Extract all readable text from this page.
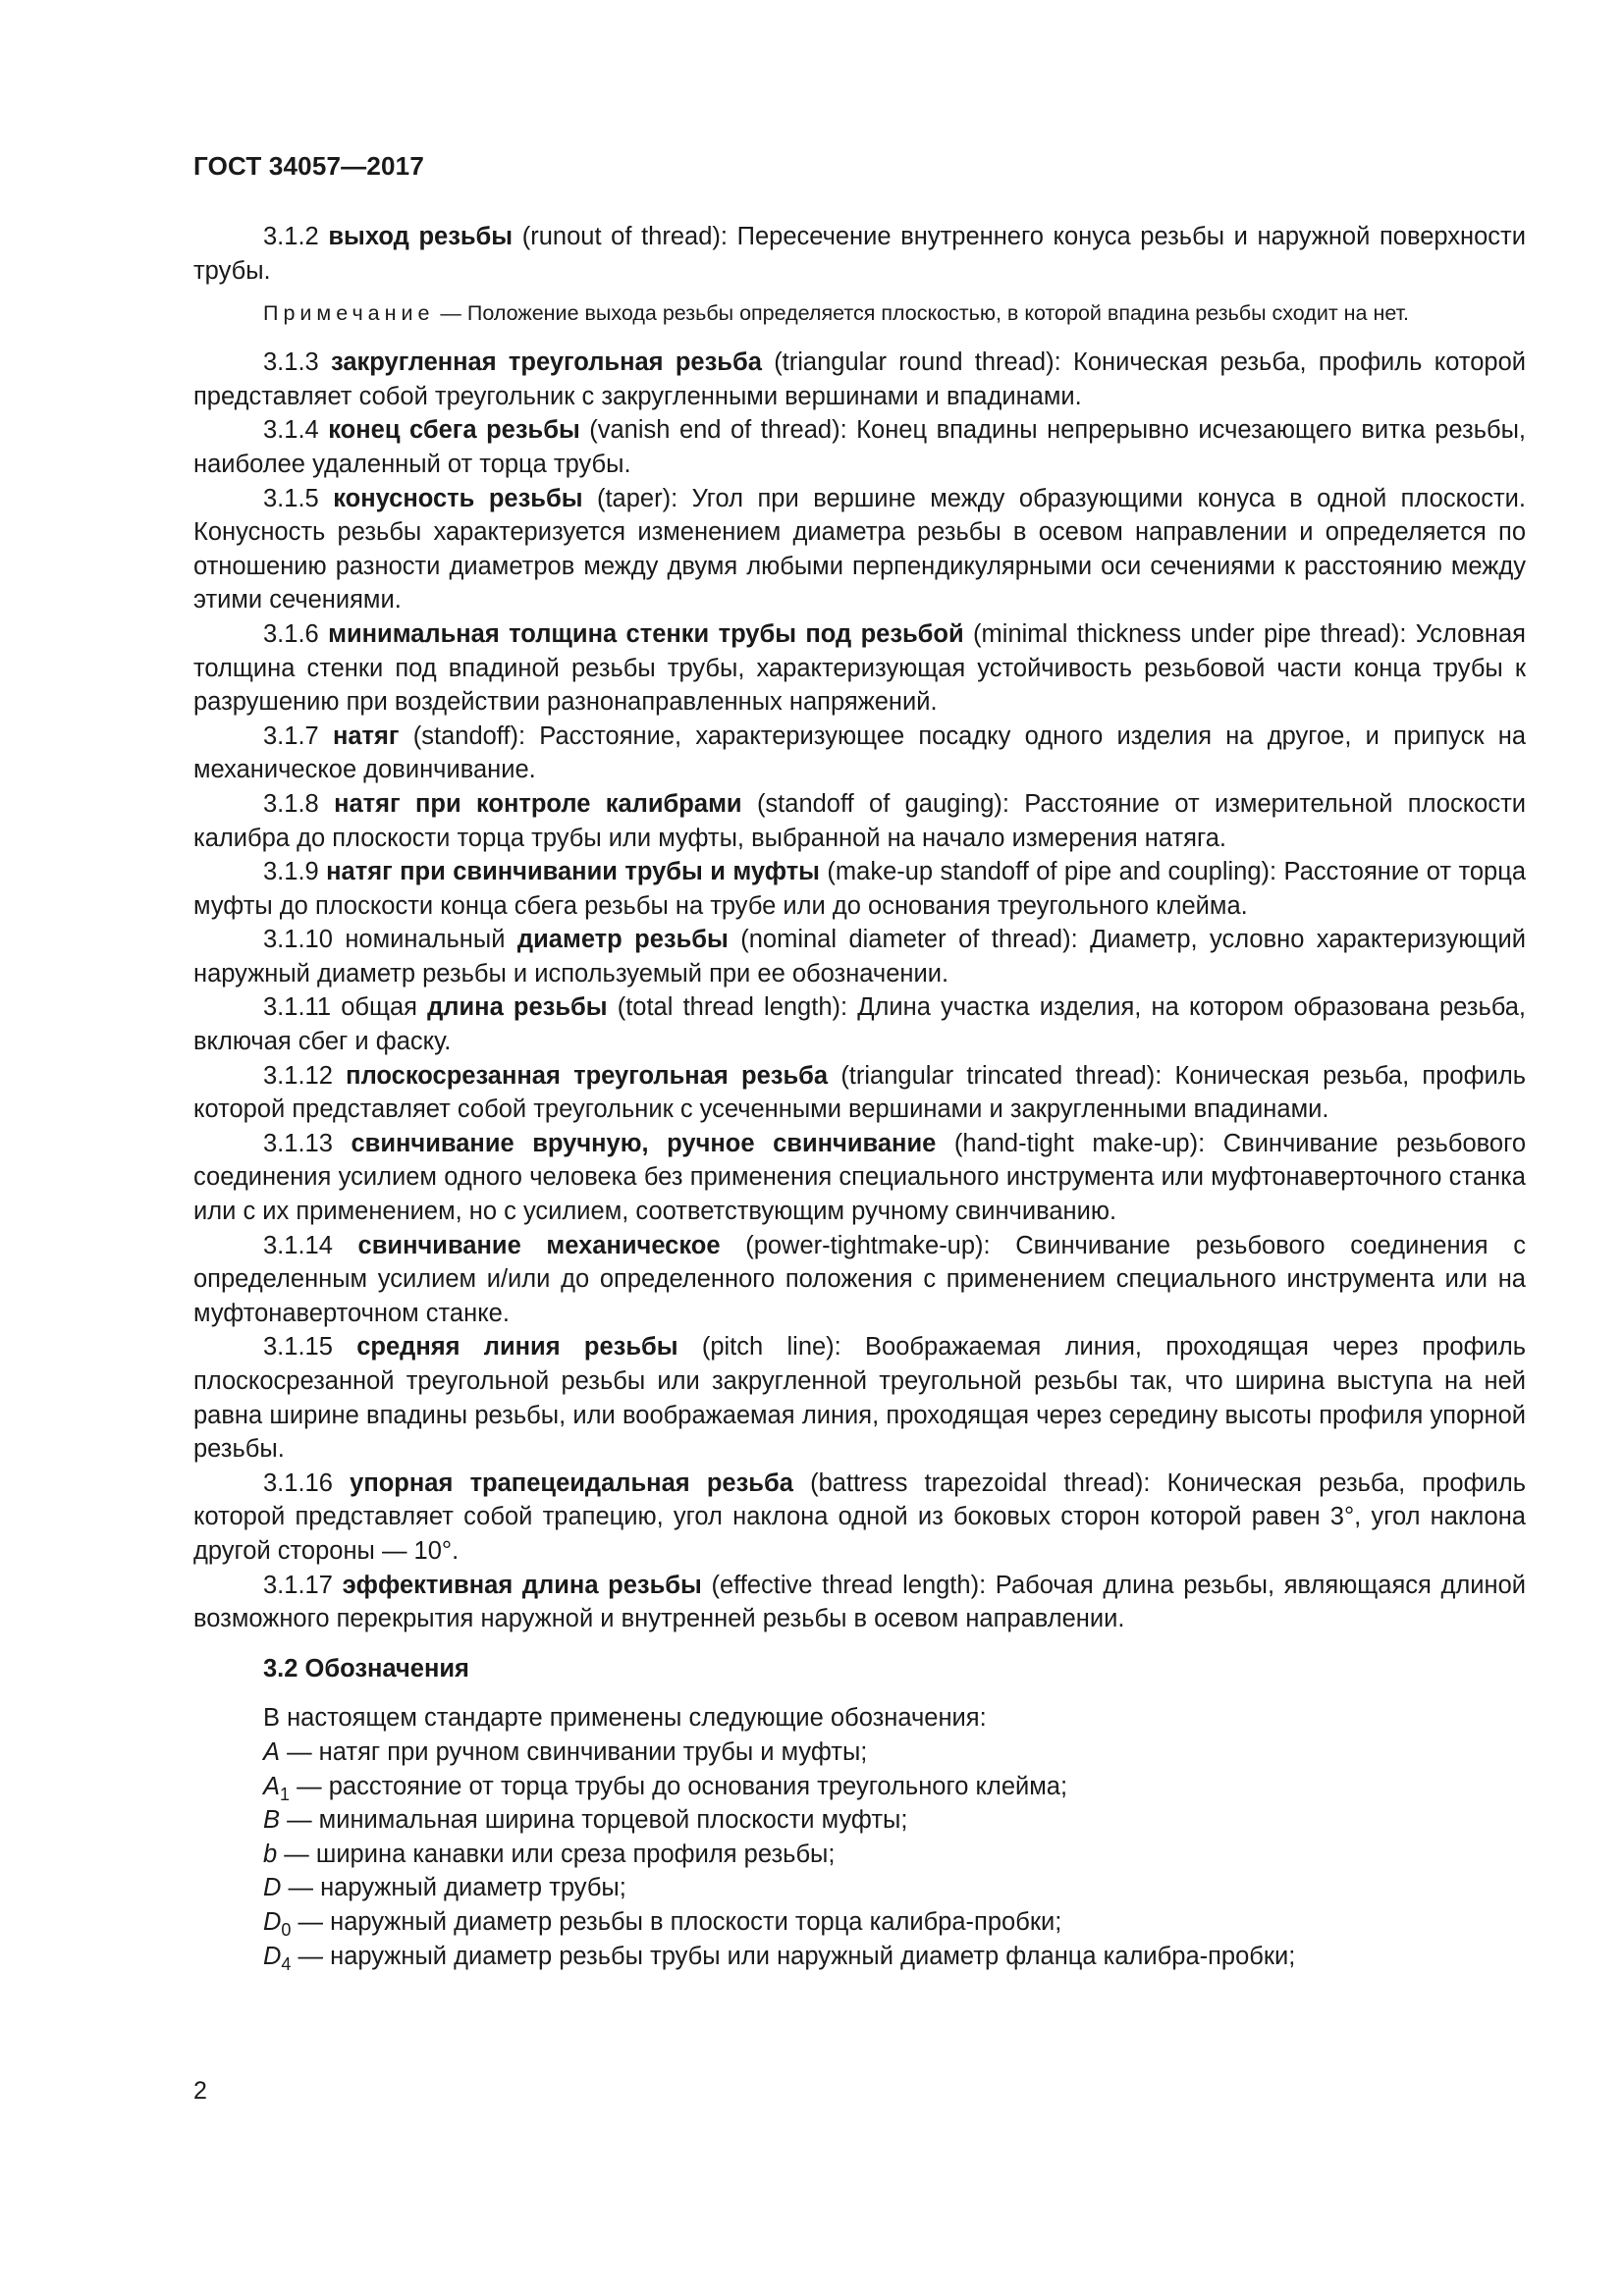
ГОСТ 34057—2017

3.1.2 выход резьбы (runout of thread): Пересечение внутреннего конуса резьбы и наружной поверхности трубы.

Примечание — Положение выхода резьбы определяется плоскостью, в которой впадина резьбы сходит на нет.

3.1.3 закругленная треугольная резьба (triangular round thread): Коническая резьба, профиль которой представляет собой треугольник с закругленными вершинами и впадинами.

3.1.4 конец сбега резьбы (vanish end of thread): Конец впадины непрерывно исчезающего витка резьбы, наиболее удаленный от торца трубы.

3.1.5 конусность резьбы (taper): Угол при вершине между образующими конуса в одной плоскости. Конусность резьбы характеризуется изменением диаметра резьбы в осевом направлении и определяется по отношению разности диаметров между двумя любыми перпендикулярными оси сечениями к расстоянию между этими сечениями.

3.1.6 минимальная толщина стенки трубы под резьбой (minimal thickness under pipe thread): Условная толщина стенки под впадиной резьбы трубы, характеризующая устойчивость резьбовой части конца трубы к разрушению при воздействии разнонаправленных напряжений.

3.1.7 натяг (standoff): Расстояние, характеризующее посадку одного изделия на другое, и припуск на механическое довинчивание.

3.1.8 натяг при контроле калибрами (standoff of gauging): Расстояние от измерительной плоскости калибра до плоскости торца трубы или муфты, выбранной на начало измерения натяга.

3.1.9 натяг при свинчивании трубы и муфты (make-up standoff of pipe and coupling): Расстояние от торца муфты до плоскости конца сбега резьбы на трубе или до основания треугольного клейма.

3.1.10 номинальный диаметр резьбы (nominal diameter of thread): Диаметр, условно характеризующий наружный диаметр резьбы и используемый при ее обозначении.

3.1.11 общая длина резьбы (total thread length): Длина участка изделия, на котором образована резьба, включая сбег и фаску.

3.1.12 плоскосрезанная треугольная резьба (triangular trincated thread): Коническая резьба, профиль которой представляет собой треугольник с усеченными вершинами и закругленными впадинами.

3.1.13 свинчивание вручную, ручное свинчивание (hand-tight make-up): Свинчивание резьбового соединения усилием одного человека без применения специального инструмента или муфтонаверточного станка или с их применением, но с усилием, соответствующим ручному свинчиванию.

3.1.14 свинчивание механическое (power-tightmake-up): Свинчивание резьбового соединения с определенным усилием и/или до определенного положения с применением специального инструмента или на муфтонаверточном станке.

3.1.15 средняя линия резьбы (pitch line): Воображаемая линия, проходящая через профиль плоскосрезанной треугольной резьбы или закругленной треугольной резьбы так, что ширина выступа на ней равна ширине впадины резьбы, или воображаемая линия, проходящая через середину высоты профиля упорной резьбы.

3.1.16 упорная трапецеидальная резьба (battress trapezoidal thread): Коническая резьба, профиль которой представляет собой трапецию, угол наклона одной из боковых сторон которой равен 3°, угол наклона другой стороны — 10°.

3.1.17 эффективная длина резьбы (effective thread length): Рабочая длина резьбы, являющаяся длиной возможного перекрытия наружной и внутренней резьбы в осевом направлении.

3.2 Обозначения

В настоящем стандарте применены следующие обозначения:

A — натяг при ручном свинчивании трубы и муфты;

$A_1$ — расстояние от торца трубы до основания треугольного клейма;

B — минимальная ширина торцевой плоскости муфты;

b — ширина канавки или среза профиля резьбы;

D — наружный диаметр трубы;

$D_0$ — наружный диаметр резьбы в плоскости торца калибра-пробки;

$D_4$ — наружный диаметр резьбы трубы или наружный диаметр фланца калибра-пробки;

2
